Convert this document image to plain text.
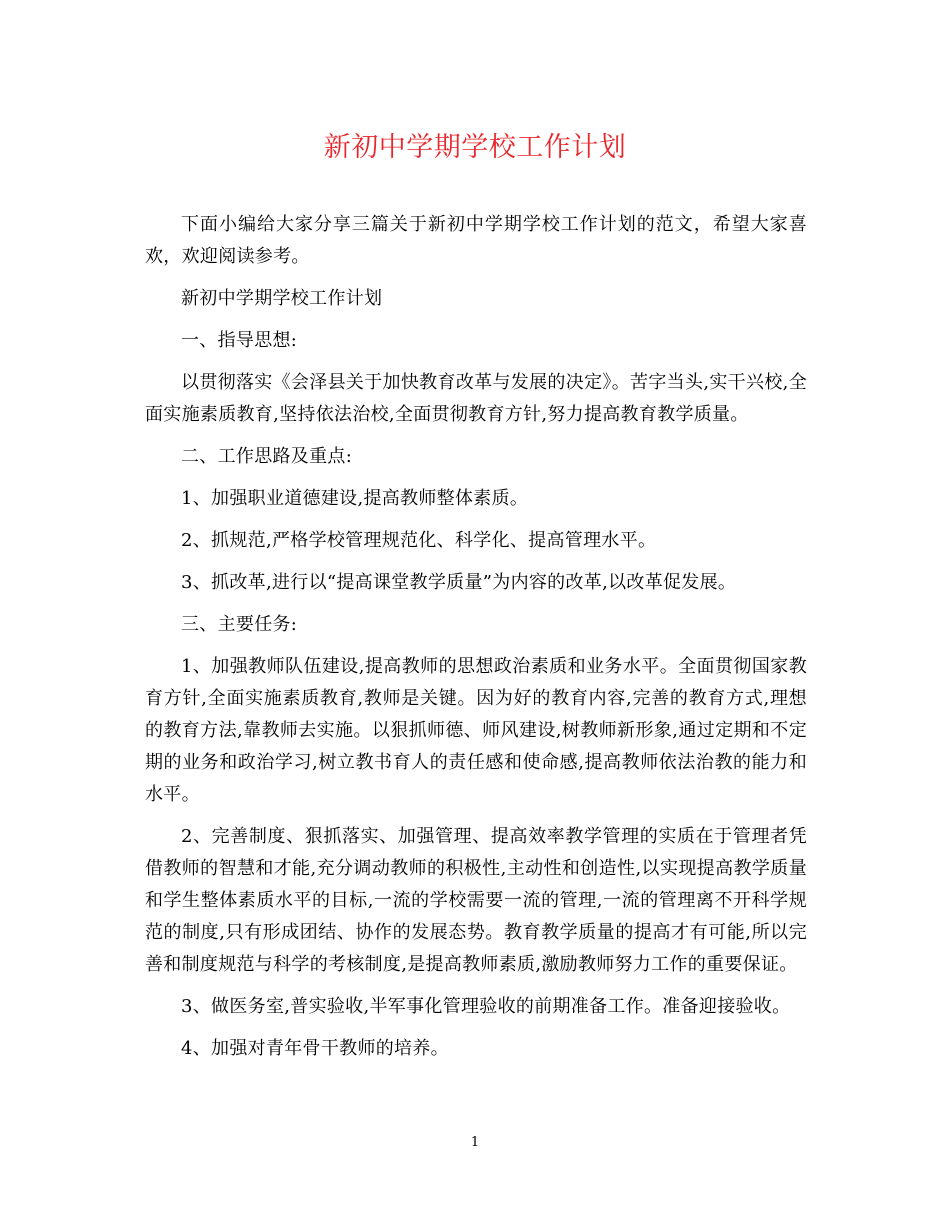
新初中学期学校工作计划

下面小编给大家分享三篇关于新初中学期学校工作计划的范文，希望大家喜欢，欢迎阅读参考。

新初中学期学校工作计划

一、指导思想:

以贯彻落实《会泽县关于加快教育改革与发展的决定》。苦字当头,实干兴校,全面实施素质教育,坚持依法治校,全面贯彻教育方针,努力提高教育教学质量。

二、工作思路及重点:

1、加强职业道德建设,提高教师整体素质。

2、抓规范,严格学校管理规范化、科学化、提高管理水平。

3、抓改革,进行以“提高课堂教学质量”为内容的改革,以改革促发展。

三、主要任务:

1、加强教师队伍建设,提高教师的思想政治素质和业务水平。全面贯彻国家教育方针,全面实施素质教育,教师是关键。因为好的教育内容,完善的教育方式,理想的教育方法,靠教师去实施。以狠抓师德、师风建设,树教师新形象,通过定期和不定期的业务和政治学习,树立教书育人的责任感和使命感,提高教师依法治教的能力和水平。

2、完善制度、狠抓落实、加强管理、提高效率教学管理的实质在于管理者凭借教师的智慧和才能,充分调动教师的积极性,主动性和创造性,以实现提高教学质量和学生整体素质水平的目标,一流的学校需要一流的管理,一流的管理离不开科学规范的制度,只有形成团结、协作的发展态势。教育教学质量的提高才有可能,所以完善和制度规范与科学的考核制度,是提高教师素质,激励教师努力工作的重要保证。

3、做医务室,普实验收,半军事化管理验收的前期准备工作。准备迎接验收。

4、加强对青年骨干教师的培养。

1
